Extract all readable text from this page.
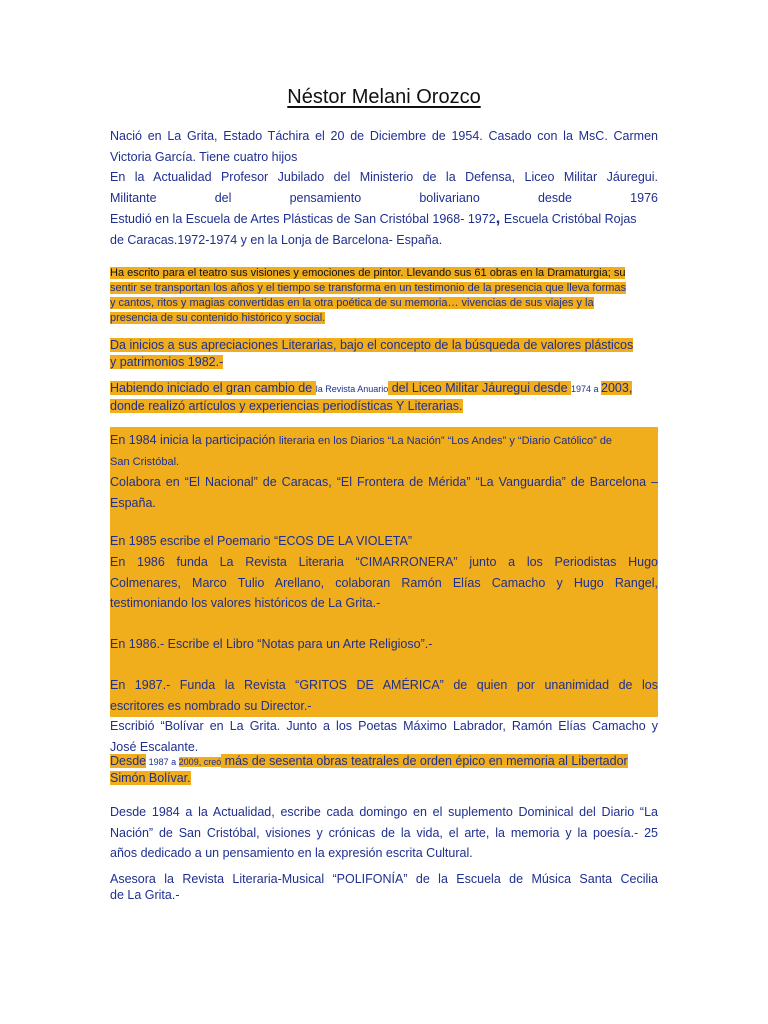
Néstor Melani Orozco
Nació en La Grita, Estado Táchira el 20 de Diciembre de 1954. Casado con la MsC. Carmen
Victoria García. Tiene cuatro hijos
En la Actualidad Profesor Jubilado del Ministerio de la Defensa, Liceo Militar Jáuregui.
Militante del pensamiento bolivariano desde 1976
Estudió en la Escuela de Artes Plásticas de San Cristóbal 1968- 1972, Escuela Cristóbal Rojas
de Caracas.1972-1974 y en la Lonja de Barcelona- España.
Ha escrito para el teatro sus visiones y emociones de pintor. Llevando sus 61 obras en la Dramaturgia; su
sentir se transportan los años y el tiempo se transforma en un testimonio de la presencia que lleva formas
y cantos, ritos y magias convertidas en la otra poética de su memoria… vivencias de sus viajes y la
presencia de su contenido histórico y social.
Da inicios a sus apreciaciones Literarias, bajo el concepto de la búsqueda de valores plásticos
y patrimonios 1982.-
Habiendo iniciado el gran cambio de la Revista Anuario del Liceo Militar Jáuregui desde 1974 a 2003,
donde realizó artículos y experiencias periodísticas Y Literarias.
En 1984 inicia la participación literaria en los Diarios “La Nación” “Los Andes” y “Diario Católico” de
San Cristóbal.
Colabora en “El Nacional” de Caracas, “El Frontera de Mérida” “La Vanguardia” de Barcelona –
España.
En 1985 escribe el Poemario “ECOS DE LA VIOLETA”
En 1986 funda La Revista Literaria “CIMARRONERA” junto a los Periodistas Hugo
Colmenares, Marco Tulio Arellano, colaboran Ramón Elías Camacho y Hugo Rangel,
testimoniando los valores históricos de La Grita.-
En 1986.- Escribe el Libro “Notas para un Arte Religioso”.-
En 1987.- Funda la Revista “GRITOS DE AMÉRICA” de quien por unanimidad de los
escritores es nombrado su Director.-
Escribió “Bolívar en La Grita. Junto a los Poetas Máximo Labrador, Ramón Elías Camacho y
José Escalante.
Desde 1987 a 2009, creó más de sesenta obras teatrales de orden épico en memoria al Libertador
Simón Bolívar.
Desde 1984 a la Actualidad, escribe cada domingo en el suplemento Dominical del Diario “La
Nación” de San Cristóbal, visiones y crónicas de la vida, el arte, la memoria y la poesía.- 25
años dedicado a un pensamiento en la expresión escrita Cultural.
Asesora la Revista Literaria-Musical “POLIFONÍA” de la Escuela de Música Santa Cecilia
de La Grita.-
